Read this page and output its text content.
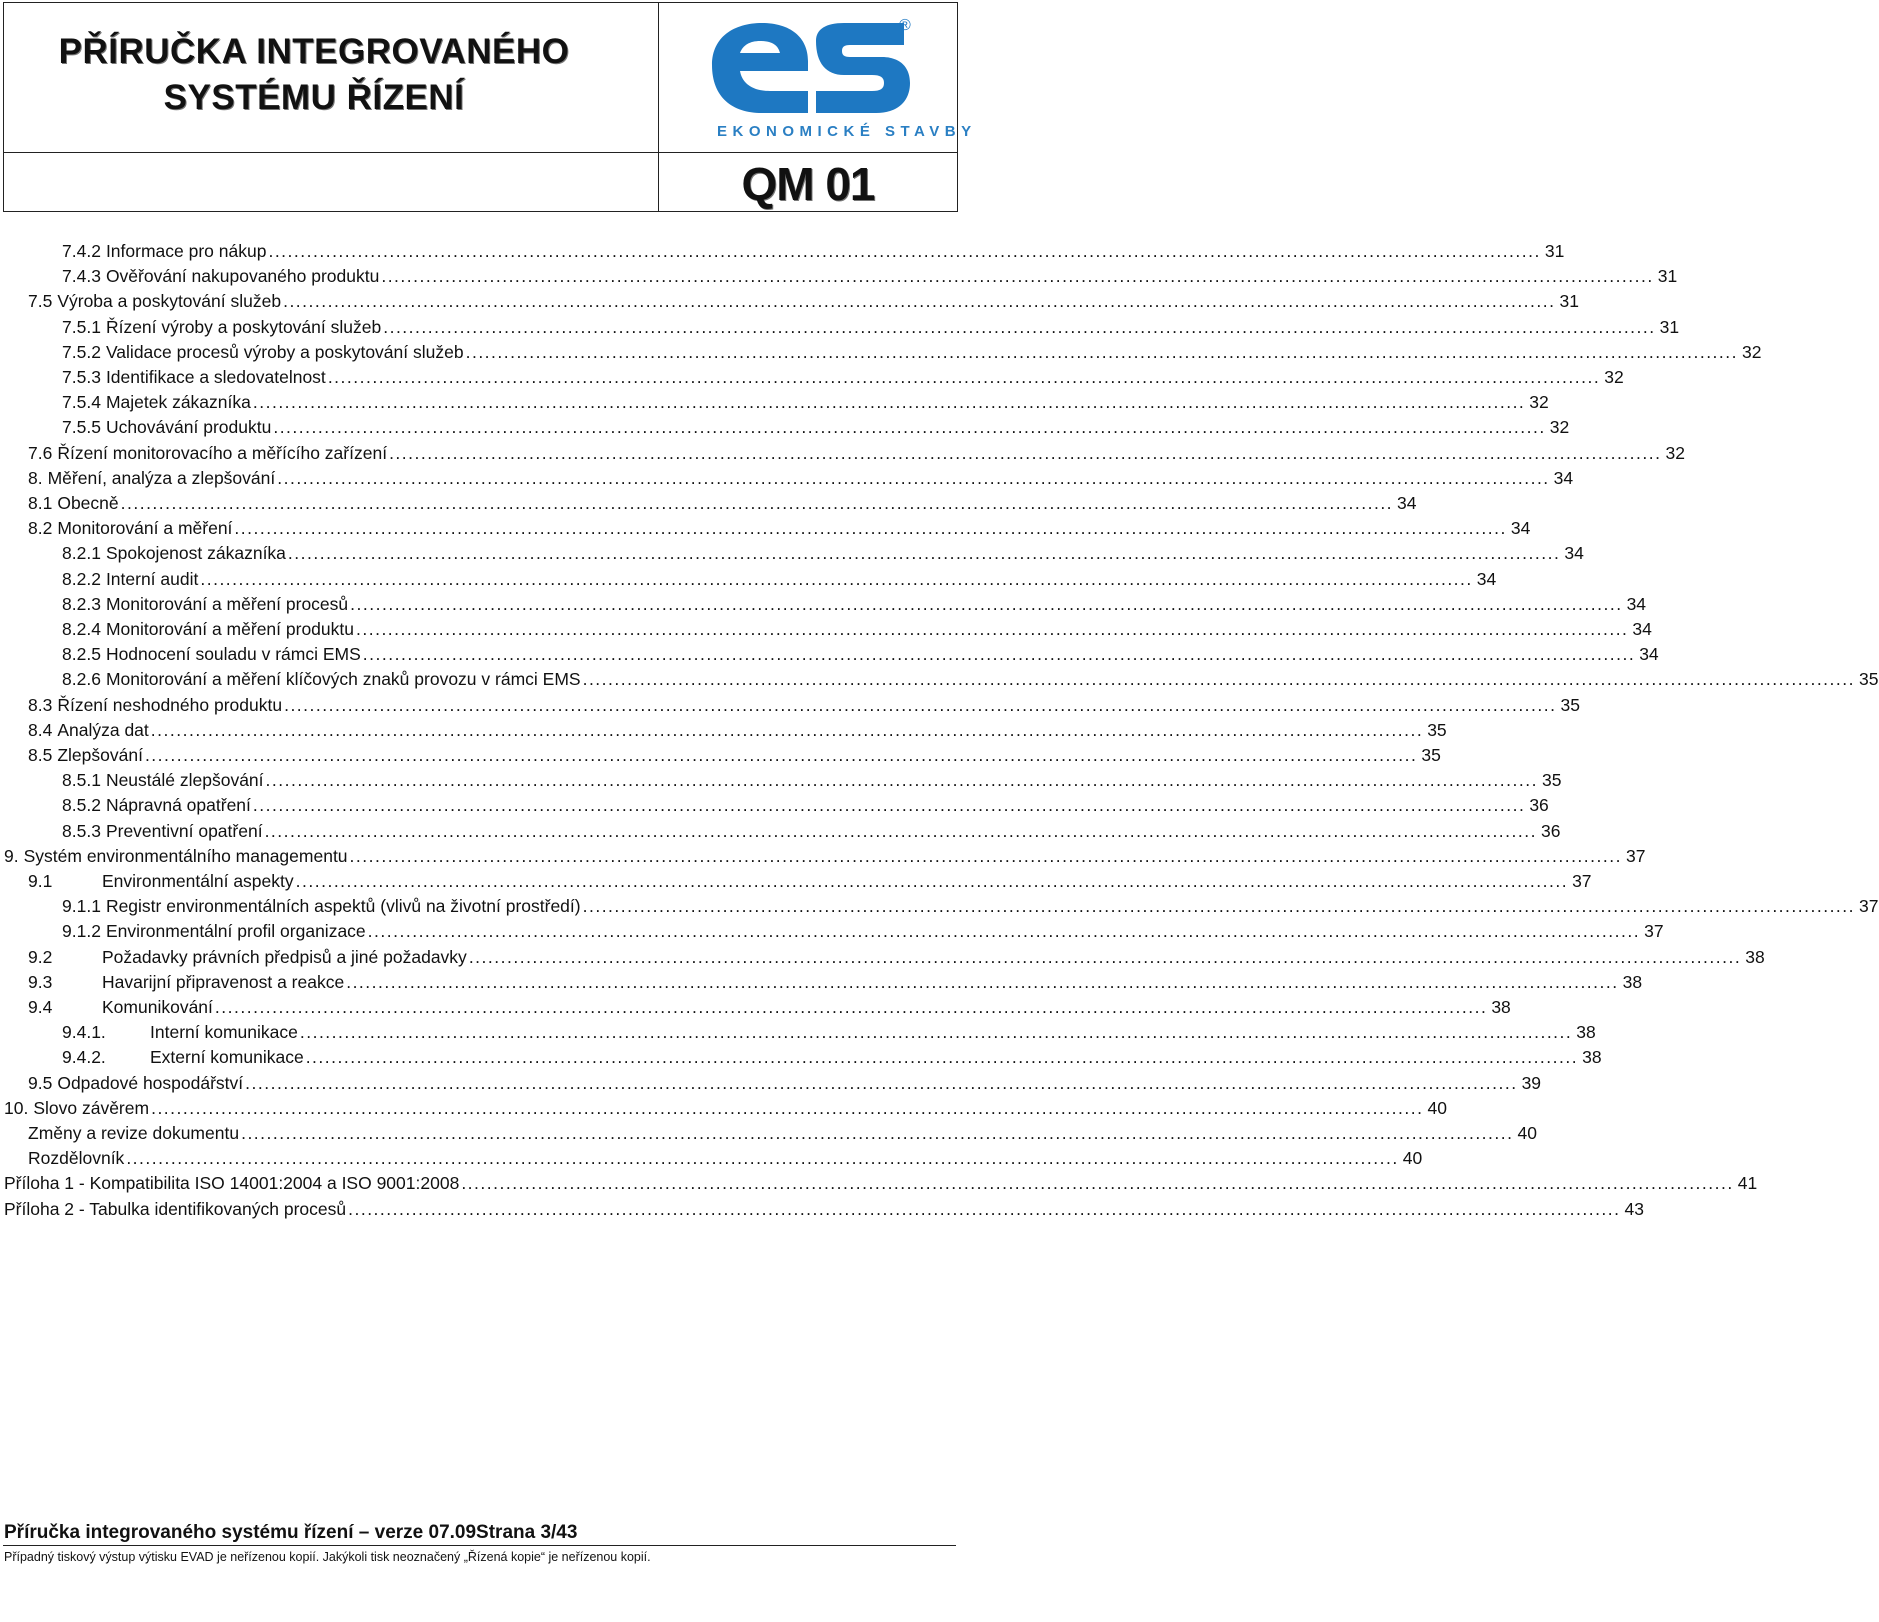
PŘÍRUČKA INTEGROVANÉHO
SYSTÉMU ŘÍZENÍ
®
EKONOMICKÉ STAVBY
QM 01
7.4.2 Informace pro nákup ........................................................................................................................................................................................................ 31
7.4.3 Ověřování nakupovaného produktu ........................................................................................................................................................................................................ 31
7.5 Výroba a poskytování služeb ........................................................................................................................................................................................................ 31
7.5.1 Řízení výroby a poskytování služeb ........................................................................................................................................................................................................ 31
7.5.2 Validace procesů výroby a poskytování služeb ........................................................................................................................................................................................................ 32
7.5.3 Identifikace a sledovatelnost ........................................................................................................................................................................................................ 32
7.5.4 Majetek zákazníka ........................................................................................................................................................................................................ 32
7.5.5 Uchovávání produktu ........................................................................................................................................................................................................ 32
7.6 Řízení monitorovacího a měřícího zařízení ........................................................................................................................................................................................................ 32
8. Měření, analýza a zlepšování ........................................................................................................................................................................................................ 34
8.1 Obecně ........................................................................................................................................................................................................ 34
8.2 Monitorování a měření ........................................................................................................................................................................................................ 34
8.2.1 Spokojenost zákazníka ........................................................................................................................................................................................................ 34
8.2.2 Interní audit ........................................................................................................................................................................................................ 34
8.2.3 Monitorování a měření procesů ........................................................................................................................................................................................................ 34
8.2.4 Monitorování a měření produktu ........................................................................................................................................................................................................ 34
8.2.5 Hodnocení souladu v rámci EMS ........................................................................................................................................................................................................ 34
8.2.6 Monitorování a měření klíčových znaků provozu v rámci EMS ........................................................................................................................................................................................................ 35
8.3 Řízení neshodného produktu ........................................................................................................................................................................................................ 35
8.4 Analýza dat ........................................................................................................................................................................................................ 35
8.5 Zlepšování ........................................................................................................................................................................................................ 35
8.5.1 Neustálé zlepšování ........................................................................................................................................................................................................ 35
8.5.2 Nápravná opatření ........................................................................................................................................................................................................ 36
8.5.3 Preventivní opatření ........................................................................................................................................................................................................ 36
9. Systém environmentálního managementu ........................................................................................................................................................................................................ 37
9.1	Environmentální aspekty ........................................................................................................................................................................................................ 37
9.1.1 Registr environmentálních aspektů (vlivů na životní prostředí) ........................................................................................................................................................................................................ 37
9.1.2 Environmentální profil organizace ........................................................................................................................................................................................................ 37
9.2	Požadavky právních předpisů a jiné požadavky ........................................................................................................................................................................................................ 38
9.3	Havarijní připravenost a reakce ........................................................................................................................................................................................................ 38
9.4	Komunikování ........................................................................................................................................................................................................ 38
9.4.1.	Interní komunikace ........................................................................................................................................................................................................ 38
9.4.2.	Externí komunikace ........................................................................................................................................................................................................ 38
9.5 Odpadové hospodářství ........................................................................................................................................................................................................ 39
10. Slovo závěrem ........................................................................................................................................................................................................ 40
Změny a revize dokumentu ........................................................................................................................................................................................................ 40
Rozdělovník ........................................................................................................................................................................................................ 40
Příloha 1 - Kompatibilita ISO 14001:2004 a ISO 9001:2008 ........................................................................................................................................................................................................ 41
Příloha 2 - Tabulka identifikovaných procesů ........................................................................................................................................................................................................ 43
Příručka integrovaného systému řízení – verze 07.09Strana 3/43
Případný tiskový výstup výtisku EVAD je neřízenou kopií. Jakýkoli tisk neoznačený „Řízená kopie“ je neřízenou kopií.
